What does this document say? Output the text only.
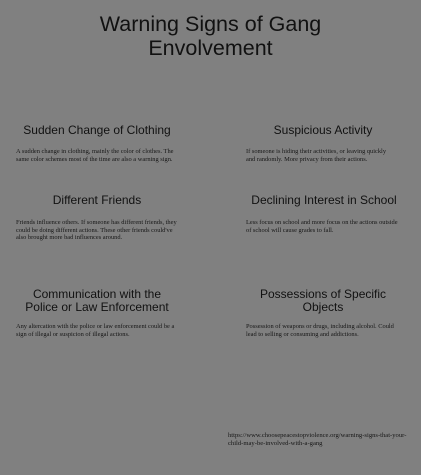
Warning Signs of Gang
Envolvement
Sudden Change of Clothing

A sudden change in clothing, mainly the color of clothes. The same color schemes most of the time are also a warning sign.

Suspicious Activity

If someone is hiding their activities, or leaving quickly and randomly. More privacy from their actions.

Different Friends

Friends influence others. If someone has different friends, they could be doing different actions. These other friends could've also brought more bad influences around.

Declining Interest in School

Less focus on school and more focus on the actions outside of school will cause grades to fall.

Communication with the
Police or Law Enforcement

Any altercation with the police or law enforcement could be a sign of illegal or suspicion of illegal actions.

Possessions of Specific
Objects

Possession of weapons or drugs, including alcohol. Could lead to selling or consuming and addictions.

https://www.choosepeacestopviolence.org/warning-signs-that-your-child-may-be-involved-with-a-gang
